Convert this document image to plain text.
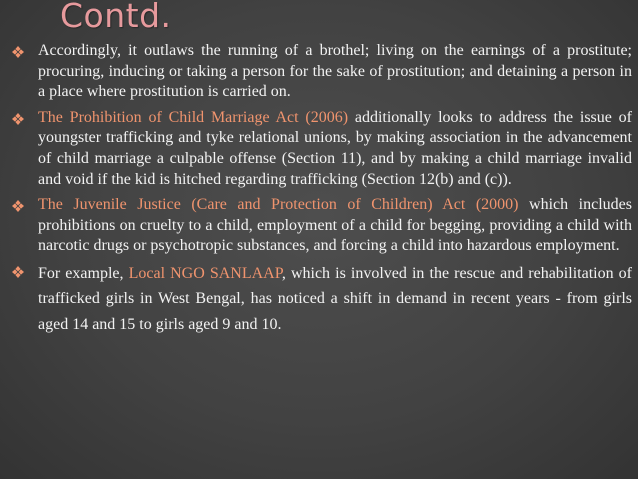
Contd.
Accordingly, it outlaws the running of a brothel; living on the earnings of a prostitute; procuring, inducing or taking a person for the sake of prostitution; and detaining a person in a place where prostitution is carried on.
The Prohibition of Child Marriage Act (2006) additionally looks to address the issue of youngster trafficking and tyke relational unions, by making association in the advancement of child marriage a culpable offense (Section 11), and by making a child marriage invalid and void if the kid is hitched regarding trafficking (Section 12(b) and (c)).
The Juvenile Justice (Care and Protection of Children) Act (2000) which includes prohibitions on cruelty to a child, employment of a child for begging, providing a child with narcotic drugs or psychotropic substances, and forcing a child into hazardous employment.
For example, Local NGO SANLAAP, which is involved in the rescue and rehabilitation of trafficked girls in West Bengal, has noticed a shift in demand in recent years - from girls aged 14 and 15 to girls aged 9 and 10.
